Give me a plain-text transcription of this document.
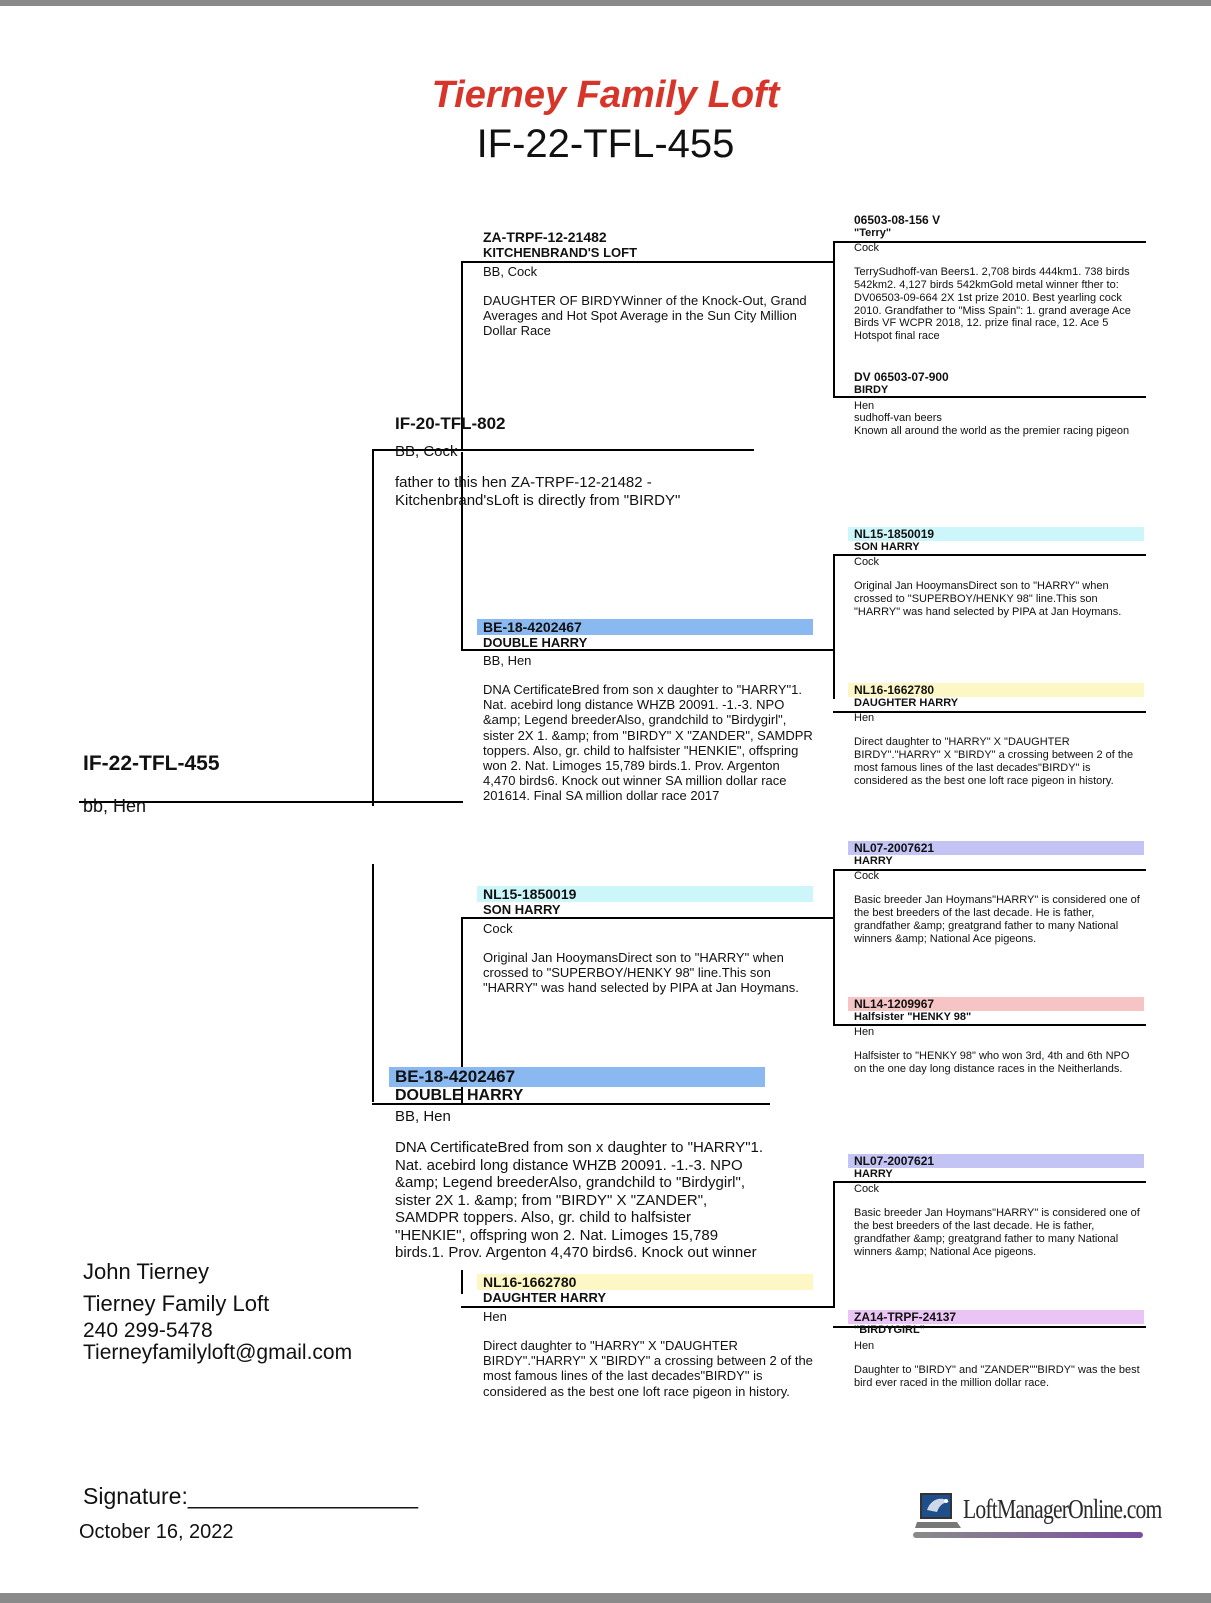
Tierney Family Loft
IF-22-TFL-455
IF-22-TFL-455
bb, Hen
IF-20-TFL-802
BB, Cock
father to this hen ZA-TRPF-12-21482 - Kitchenbrand'sLoft is directly from "BIRDY"
BE-18-4202467
DOUBLE HARRY
BB, Hen
DNA CertificateBred from son x daughter to "HARRY"1. Nat. acebird long distance WHZB 20091. -1.-3. NPO &amp; Legend breederAlso, grandchild to "Birdygirl", sister 2X 1. &amp; from "BIRDY" X "ZANDER", SAMDPR toppers. Also, gr. child to halfsister "HENKIE", offspring won 2. Nat. Limoges 15,789 birds.1. Prov. Argenton 4,470 birds6. Knock out winner
ZA-TRPF-12-21482
KITCHENBRAND'S LOFT
BB, Cock
DAUGHTER OF BIRDYWinner of the Knock-Out, Grand Averages and Hot Spot Average in the Sun City Million Dollar Race
BE-18-4202467
DOUBLE HARRY
BB, Hen
DNA CertificateBred from son x daughter to "HARRY"1. Nat. acebird long distance WHZB 20091. -1.-3. NPO &amp; Legend breederAlso, grandchild to "Birdygirl", sister 2X 1. &amp; from "BIRDY" X "ZANDER", SAMDPR toppers. Also, gr. child to halfsister "HENKIE", offspring won 2. Nat. Limoges 15,789 birds.1. Prov. Argenton 4,470 birds6. Knock out winner SA million dollar race 201614. Final SA million dollar race 2017
NL15-1850019
SON HARRY
Cock
Original Jan HooymansDirect son to "HARRY" when crossed to "SUPERBOY/HENKY 98" line.This son "HARRY" was hand selected by PIPA at Jan Hoymans.
NL16-1662780
DAUGHTER HARRY
Hen
Direct daughter to "HARRY" X "DAUGHTER BIRDY"."HARRY" X "BIRDY" a crossing between 2 of the most famous lines of the last decades"BIRDY" is considered as the best one loft race pigeon in history.
06503-08-156 V
"Terry"
Cock
TerrySudhoff-van Beers1. 2,708 birds 444km1. 738 birds 542km2. 4,127 birds 542kmGold metal winner fther to: DV06503-09-664 2X 1st prize 2010. Best yearling cock 2010. Grandfather to "Miss Spain": 1. grand average Ace Birds VF WCPR 2018, 12. prize final race, 12. Ace 5 Hotspot final race
DV 06503-07-900
BIRDY
Hen
sudhoff-van beers
Known all around the world as the premier racing pigeon
NL15-1850019
SON HARRY
Cock
Original Jan HooymansDirect son to "HARRY" when crossed to "SUPERBOY/HENKY 98" line.This son "HARRY" was hand selected by PIPA at Jan Hoymans.
NL16-1662780
DAUGHTER HARRY
Hen
Direct daughter to "HARRY" X "DAUGHTER BIRDY"."HARRY" X "BIRDY" a crossing between 2 of the most famous lines of the last decades"BIRDY" is considered as the best one loft race pigeon in history.
NL07-2007621
HARRY
Cock
Basic breeder Jan Hoymans"HARRY" is considered one of the best breeders of the last decade. He is father, grandfather &amp; greatgrand father to many National winners &amp; National Ace pigeons.
NL14-1209967
Halfsister "HENKY 98"
Hen
Halfsister to "HENKY 98" who won 3rd, 4th and 6th NPO on the one day long distance races in the Neitherlands.
NL07-2007621
HARRY
Cock
Basic breeder Jan Hoymans"HARRY" is considered one of the best breeders of the last decade. He is father, grandfather &amp; greatgrand father to many National winners &amp; National Ace pigeons.
ZA14-TRPF-24137
"BIRDYGIRL"
Hen
Daughter to "BIRDY" and "ZANDER""BIRDY" was the best bird ever raced in the million dollar race.
John Tierney
Tierney Family Loft
240 299-5478
Tierneyfamilyloft@gmail.com
Signature:__________________
October 16, 2022
LoftManagerOnline.com
